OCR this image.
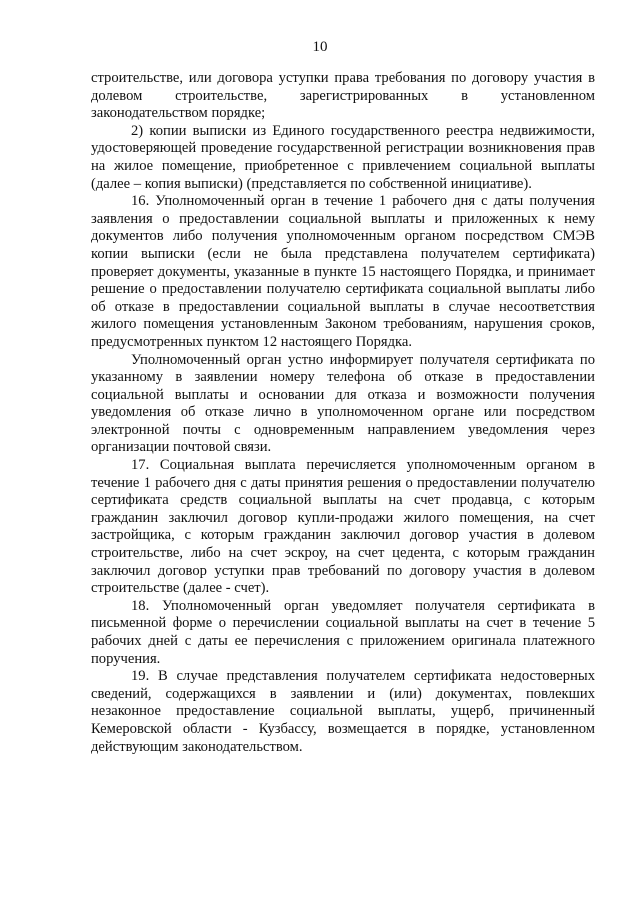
10

строительстве, или договора уступки права требования по договору участия в долевом строительстве, зарегистрированных в установленном законодательством порядке;

2) копии выписки из Единого государственного реестра недвижимости, удостоверяющей проведение государственной регистрации возникновения прав на жилое помещение, приобретенное с привлечением социальной выплаты (далее – копия выписки) (представляется по собственной инициативе).

16. Уполномоченный орган в течение 1 рабочего дня с даты получения заявления о предоставлении социальной выплаты и приложенных к нему документов либо получения уполномоченным органом посредством СМЭВ копии выписки (если не была представлена получателем сертификата) проверяет документы, указанные в пункте 15 настоящего Порядка, и принимает решение о предоставлении получателю сертификата социальной выплаты либо об отказе в предоставлении социальной выплаты в случае несоответствия жилого помещения установленным Законом требованиям, нарушения сроков, предусмотренных пунктом 12 настоящего Порядка.

Уполномоченный орган устно информирует получателя сертификата по указанному в заявлении номеру телефона об отказе в предоставлении социальной выплаты и основании для отказа и возможности получения уведомления об отказе лично в уполномоченном органе или посредством электронной почты с одновременным направлением уведомления через организации почтовой связи.

17. Социальная выплата перечисляется уполномоченным органом в течение 1 рабочего дня с даты принятия решения о предоставлении получателю сертификата средств социальной выплаты на счет продавца, с которым гражданин заключил договор купли-продажи жилого помещения, на счет застройщика, с которым гражданин заключил договор участия в долевом строительстве, либо на счет эскроу, на счет цедента, с которым гражданин заключил договор уступки прав требований по договору участия в долевом строительстве (далее - счет).

18. Уполномоченный орган уведомляет получателя сертификата в письменной форме о перечислении социальной выплаты на счет в течение 5 рабочих дней с даты ее перечисления с приложением оригинала платежного поручения.

19. В случае представления получателем сертификата недостоверных сведений, содержащихся в заявлении и (или) документах, повлекших незаконное предоставление социальной выплаты, ущерб, причиненный Кемеровской области - Кузбассу, возмещается в порядке, установленном действующим законодательством.
